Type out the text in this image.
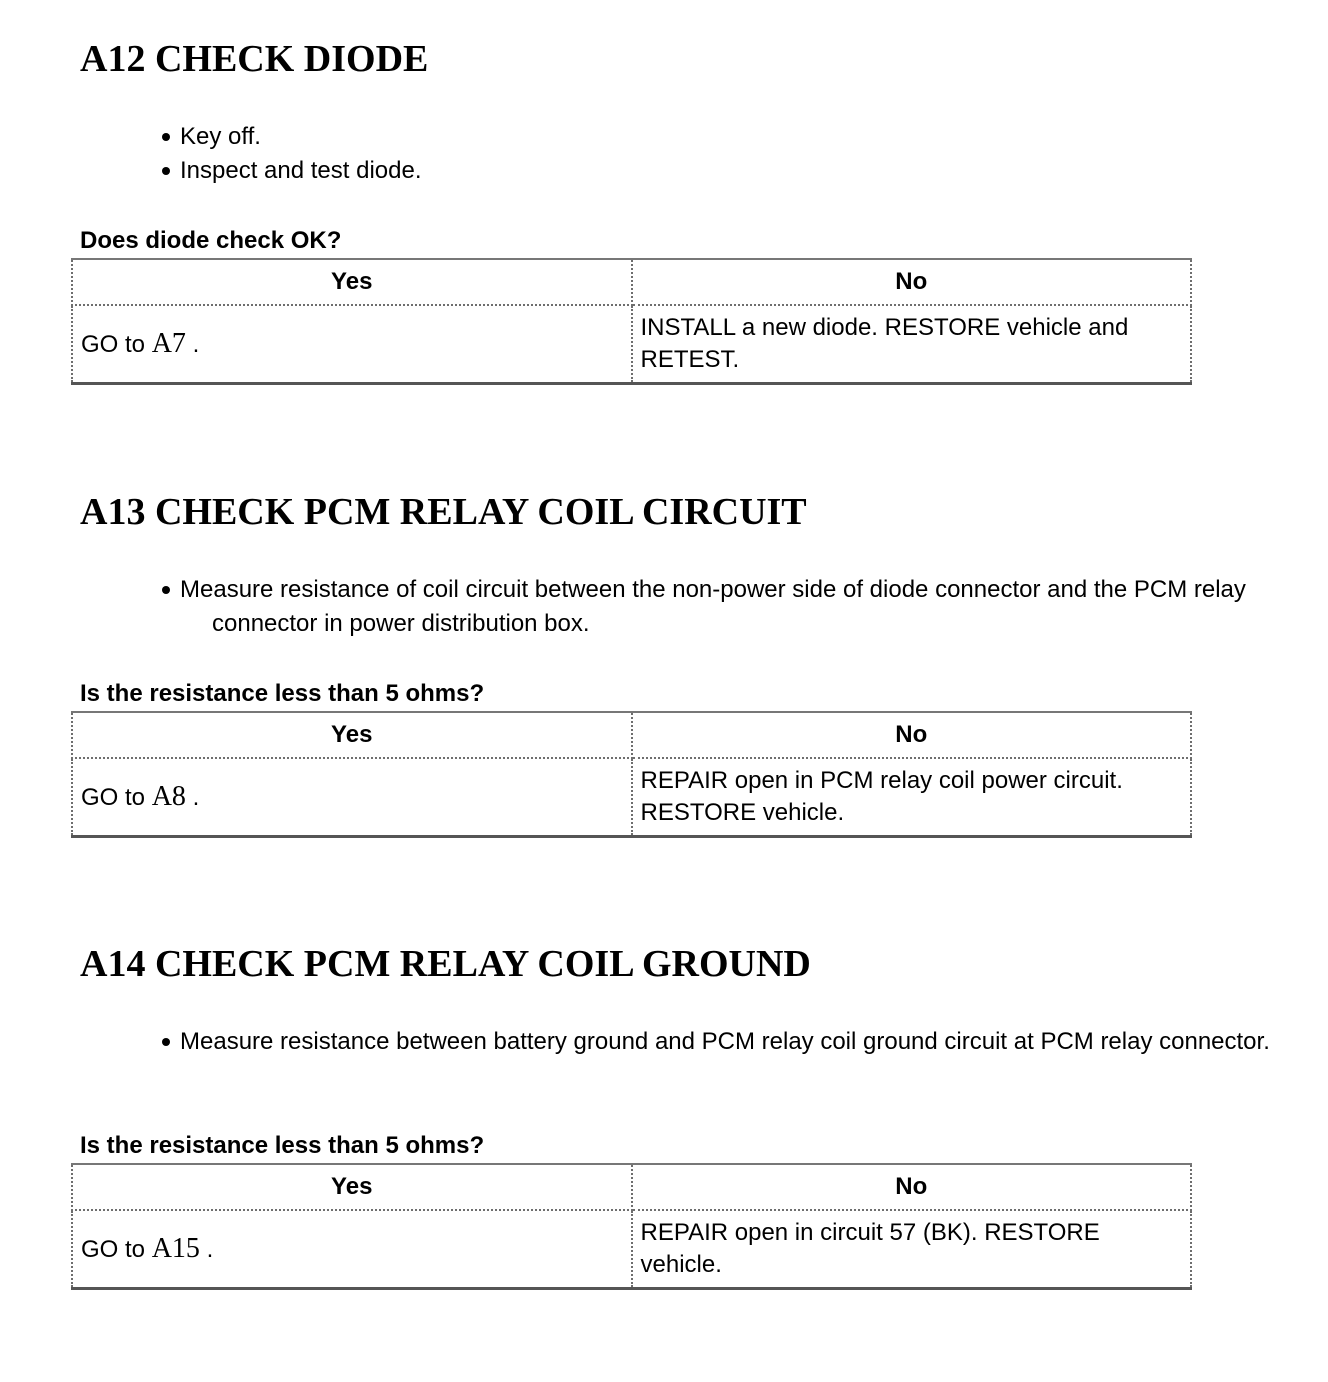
A12 CHECK DIODE
Key off.
Inspect and test diode.

Does diode check OK?

Yes	No
GO to A7 .	INSTALL a new diode. RESTORE vehicle and RETEST.
A13 CHECK PCM RELAY COIL CIRCUIT
Measure resistance of coil circuit between the non-power side of diode connector and the PCM relay connector in power distribution box.

Is the resistance less than 5 ohms?

Yes	No
GO to A8 .	REPAIR open in PCM relay coil power circuit. RESTORE vehicle.
A14 CHECK PCM RELAY COIL GROUND
Measure resistance between battery ground and PCM relay coil ground circuit at PCM relay connector.

Is the resistance less than 5 ohms?

Yes	No
GO to A15 .	REPAIR open in circuit 57 (BK). RESTORE vehicle.
